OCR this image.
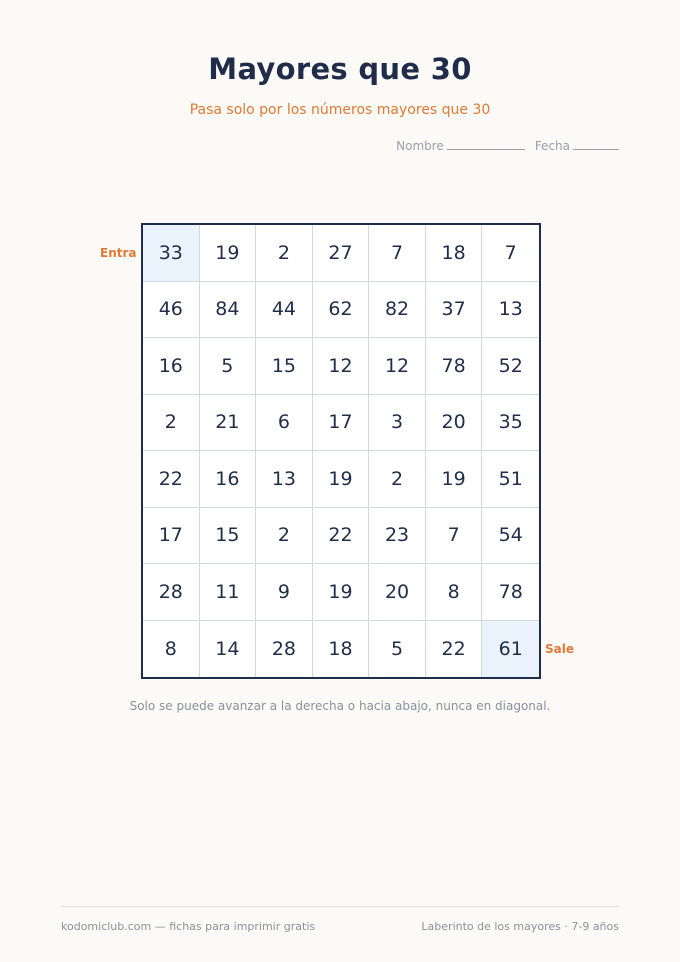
Mayores que 30
Pasa solo por los números mayores que 30
Nombre	Fecha
Entra
Sale
33	19	2	27	7	18	7
46	84	44	62	82	37	13
16	5	15	12	12	78	52
2	21	6	17	3	20	35
22	16	13	19	2	19	51
17	15	2	22	23	7	54
28	11	9	19	20	8	78
8	14	28	18	5	22	61
Solo se puede avanzar a la derecha o hacia abajo, nunca en diagonal.
kodomiclub.com — fichas para imprimir gratis	Laberinto de los mayores · 7-9 años
